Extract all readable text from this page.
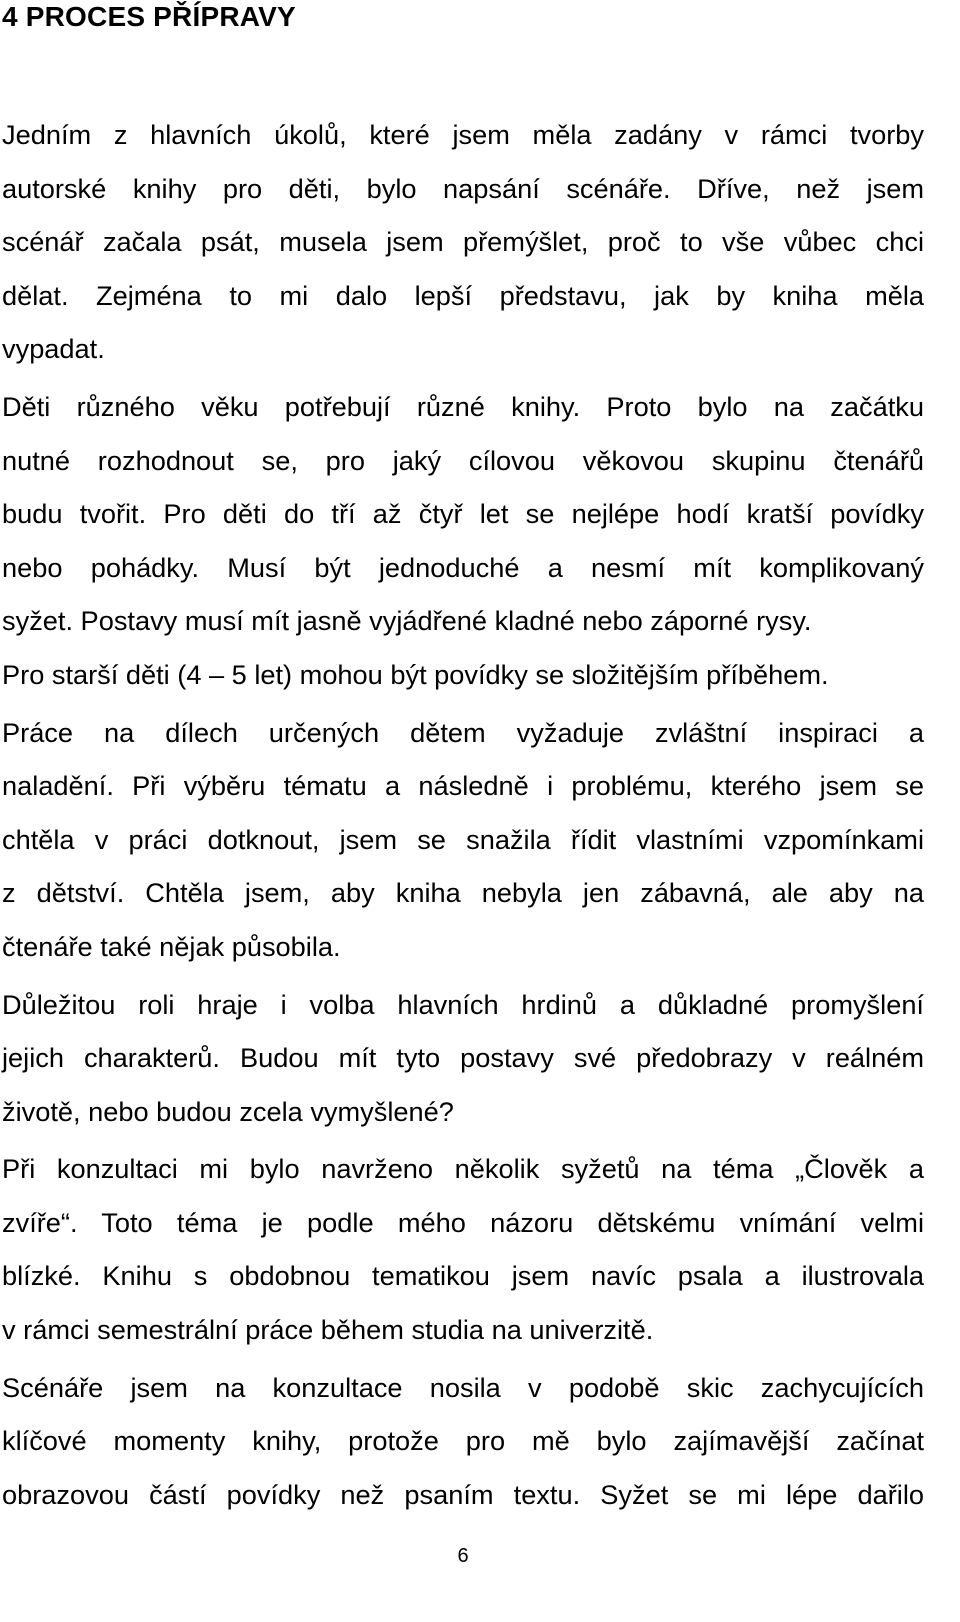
4 PROCES PŘÍPRAVY
Jedním z hlavních úkolů, které jsem měla zadány v rámci tvorby
autorské knihy pro děti, bylo napsání scénáře. Dříve, než jsem
scénář začala psát, musela jsem přemýšlet, proč to vše vůbec chci
dělat. Zejména to mi dalo lepší představu, jak by kniha měla
vypadat.
Děti různého věku potřebují různé knihy. Proto bylo na začátku
nutné rozhodnout se, pro jaký cílovou věkovou skupinu čtenářů
budu tvořit. Pro děti do tří až čtyř let se nejlépe hodí kratší povídky
nebo pohádky. Musí být jednoduché a nesmí mít komplikovaný
syžet. Postavy musí mít jasně vyjádřené kladné nebo záporné rysy.
Pro starší děti (4 – 5 let) mohou být povídky se složitějším příběhem.
Práce na dílech určených dětem vyžaduje zvláštní inspiraci a
naladění. Při výběru tématu a následně i problému, kterého jsem se
chtěla v práci dotknout, jsem se snažila řídit vlastními vzpomínkami
z dětství. Chtěla jsem, aby kniha nebyla jen zábavná, ale aby na
čtenáře také nějak působila.
Důležitou roli hraje i volba hlavních hrdinů a důkladné promyšlení
jejich charakterů. Budou mít tyto postavy své předobrazy v reálném
životě, nebo budou zcela vymyšlené?
Při konzultaci mi bylo navrženo několik syžetů na téma „Člověk a
zvíře“. Toto téma je podle mého názoru dětskému vnímání velmi
blízké. Knihu s obdobnou tematikou jsem navíc psala a ilustrovala
v rámci semestrální práce během studia na univerzitě.
Scénáře jsem na konzultace nosila v podobě skic zachycujících
klíčové momenty knihy, protože pro mě bylo zajímavější začínat
obrazovou částí povídky než psaním textu. Syžet se mi lépe dařilo
6
